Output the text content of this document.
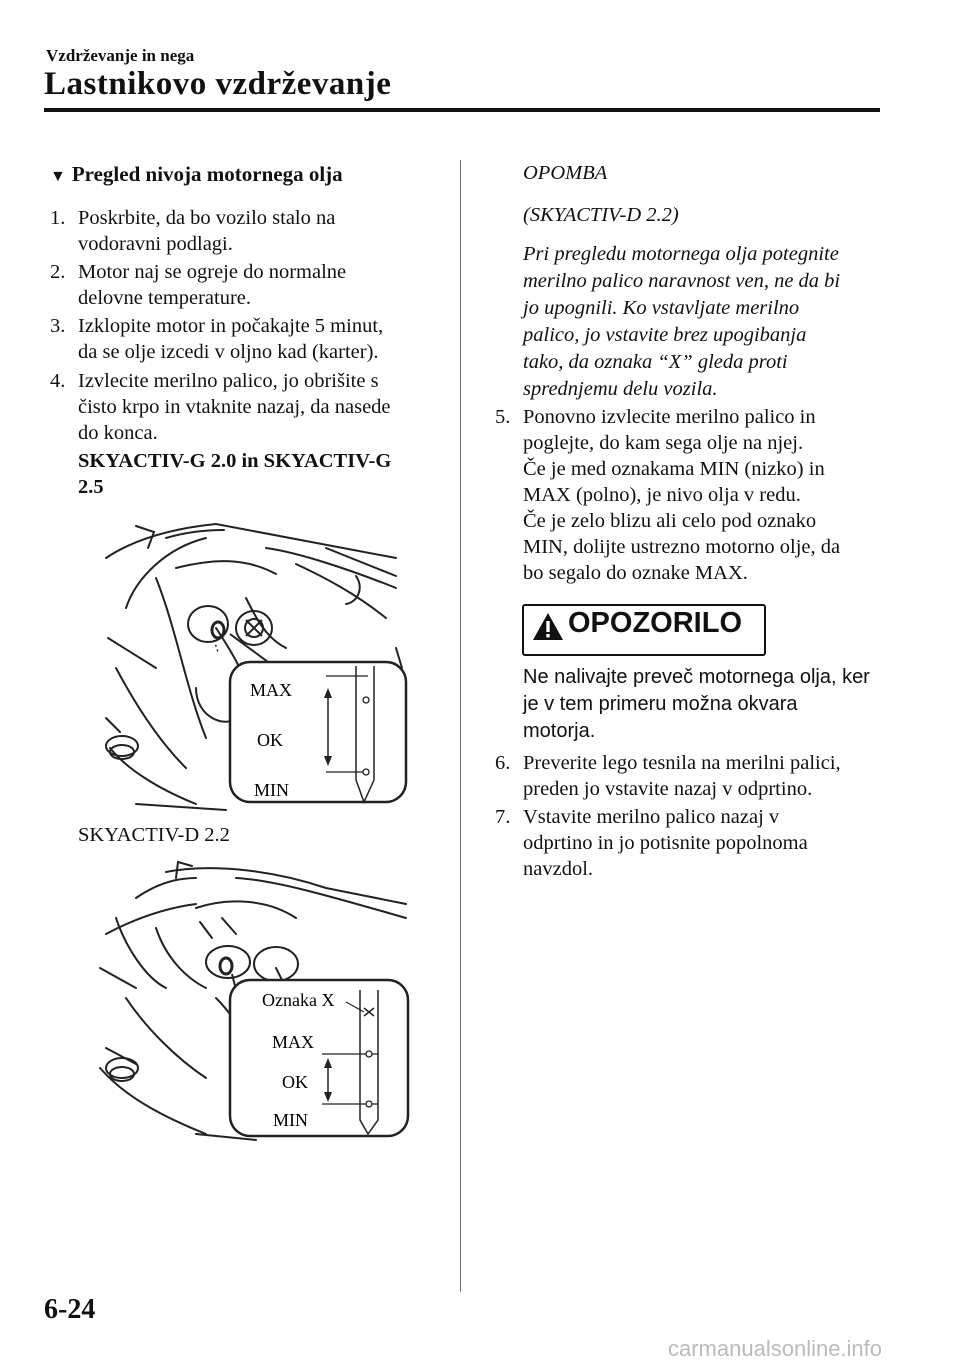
Vzdrževanje in nega
Lastnikovo vzdrževanje
▼ Pregled nivoja motornega olja
1. Poskrbite, da bo vozilo stalo na
vodoravni podlagi.
2. Motor naj se ogreje do normalne
delovne temperature.
3. Izklopite motor in počakajte 5 minut,
da se olje izcedi v oljno kad (karter).
4. Izvlecite merilno palico, jo obrišite s
čisto krpo in vtaknite nazaj, da nasede
do konca.
SKYACTIV-G 2.0 in SKYACTIV-G
2.5
MAX
OK
MIN
SKYACTIV-D 2.2
Oznaka X
MAX
OK
MIN
OPOMBA
(SKYACTIV-D 2.2)
Pri pregledu motornega olja potegnite
merilno palico naravnost ven, ne da bi
jo upognili. Ko vstavljate merilno
palico, jo vstavite brez upogibanja
tako, da oznaka “X” gleda proti
sprednjemu delu vozila.
5. Ponovno izvlecite merilno palico in
poglejte, do kam sega olje na njej.
Če je med oznakama MIN (nizko) in
MAX (polno), je nivo olja v redu.
Če je zelo blizu ali celo pod oznako
MIN, dolijte ustrezno motorno olje, da
bo segalo do oznake MAX.
OPOZORILO
Ne nalivajte preveč motornega olja, ker
je v tem primeru možna okvara
motorja.
6. Preverite lego tesnila na merilni palici,
preden jo vstavite nazaj v odprtino.
7. Vstavite merilno palico nazaj v
odprtino in jo potisnite popolnoma
navzdol.
6-24
carmanualsonline.info
